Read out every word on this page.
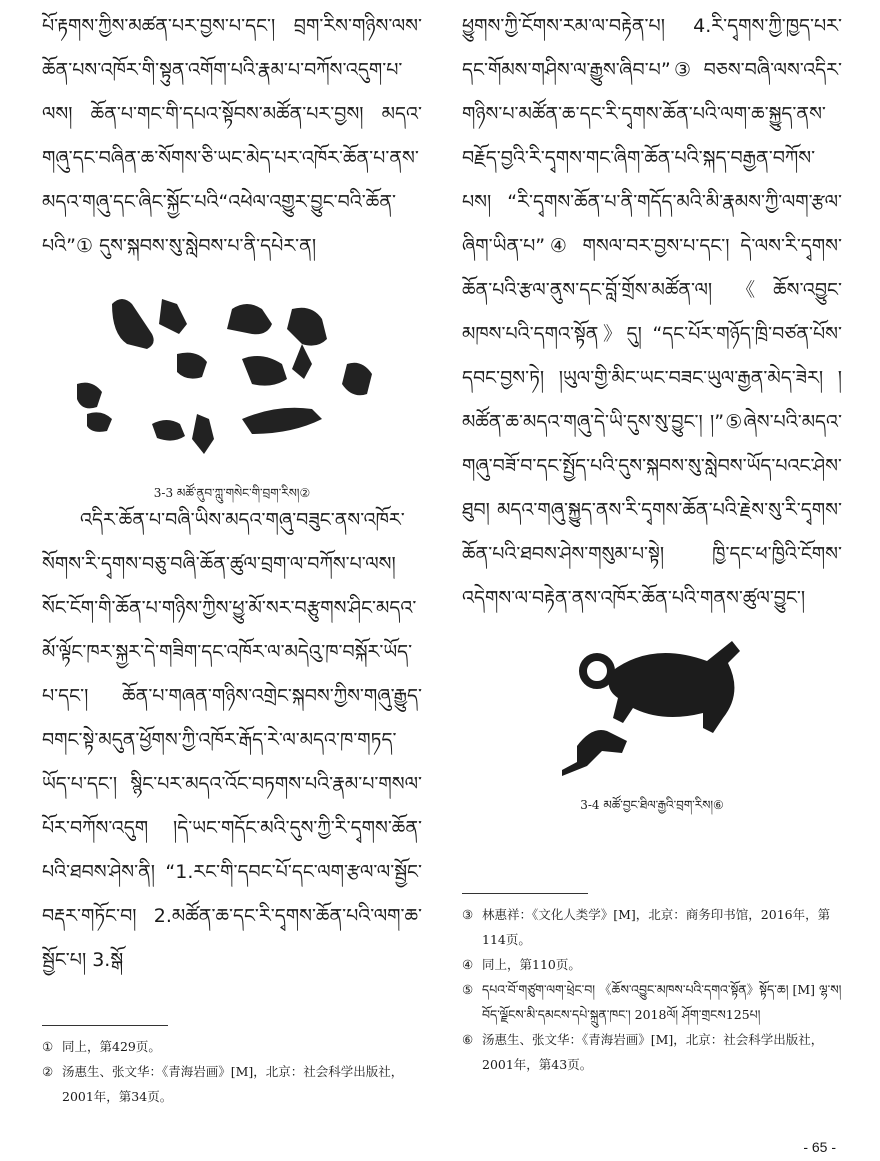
པོ་རྟགས་ཀྱིས་མཚན་པར་བྱས་པ་དང་། བྲག་རིས་གཉིས་ལས་ཆོན་པས་འཁོར་གི་སྟུན་འགོག་པའི་རྣམ་པ་བཀོས་འདུག་པ་ལས། ཆོན་པ་གང་གི་དཔའ་སྟོབས་མཚོན་པར་བྱས། མདའ་གཞུ་དང་བཞིན་ཆ་སོགས་ཅི་ཡང་མེད་པར་འཁོར་ཆོན་པ་ནས་མདའ་གཞུ་དང་ཞིང་སྐྱོང་པའི“འཕེལ་འགྱུར་བྱུང་བའི་ཆོན་པའི”① དུས་སྐབས་སུ་སླེབས་པ་ནི་དཔེར་ན།

3-3 མཚོ་ནུབ་ཀླུ་གསེང་གི་བྲག་རིས།②

འདིར་ཆོན་པ་བཞི་ཡིས་མདའ་གཞུ་བཟུང་ནས་འཁོར་སོགས་རི་དྭགས་བཅུ་བཞི་ཆོན་ཚུལ་བྲག་ལ་བཀོས་པ་ལས། སོང་ངོག་གི་ཆོན་པ་གཉིས་ཀྱིས་ཕྱུ་མོ་སར་བརྩུགས་ཤིང་མདའ་མོ་ལྟོང་ཁར་སྐྱར་དེ་གཟིག་དང་འཁོར་ལ་མདེའུ་ཁ་བསྐོར་ཡོད་པ་དང་། ཆོན་པ་གཞན་གཉིས་འགྲེང་སྐབས་ཀྱིས་གཞུ་རྒྱུད་བགང་སྟེ་མདུན་ཕྱོགས་ཀྱི་འཁོར་རྒོད་རེ་ལ་མདའ་ཁ་གཏད་ཡོད་པ་དང་། སྙིང་པར་མདའ་འོང་བཏགས་པའི་རྣམ་པ་གསལ་པོར་བཀོས་འདུག །དེ་ཡང་གདོང་མའི་དུས་ཀྱི་རི་དྭགས་ཆོན་པའི་ཐབས་ཤེས་ནི། “1.རང་གི་དབང་པོ་དང་ལག་རྩལ་ལ་སྦྱོང་བརྡར་གཏོང་བ། 2.མཚོན་ཆ་དང་རི་དྭགས་ཆོན་པའི་ལག་ཆ་སྦྱོང་པ། 3.སྒོ

ཕྱུགས་ཀྱི་ངོགས་རམ་ལ་བརྟེན་པ། 4.རི་དྭགས་ཀྱི་ཁྱད་པར་དང་གོམས་གཤིས་ལ་རྒྱུས་ཞིབ་པ”③ བཅས་བཞི་ལས་འདིར་གཉིས་པ་མཚོན་ཆ་དང་རི་དྭགས་ཆོན་པའི་ལག་ཆ་སྐྱུད་ནས་བརྗོད་བྱའི་རི་དྭགས་གང་ཞིག་ཆོན་པའི་སྐད་བརྒྱན་བཀོས་པས། “རི་དྭགས་ཆོན་པ་ནི་གདོད་མའི་མི་རྣམས་ཀྱི་ལག་རྩལ་ཞིག་ཡིན་པ”④ གསལ་བར་བྱས་པ་དང་། དེ་ལས་རི་དྭགས་ཆོན་པའི་རྩལ་ནུས་དང་བློ་གྲོས་མཚོན་ལ། 《ཆོས་འབྱུང་མཁས་པའི་དགའ་སྟོན》དུ། “དང་པོར་གཉོད་ཁྲི་བཙན་པོས་དབང་བྱས་ཏེ། །ཡུལ་གྱི་མིང་ཡང་བཟང་ཡུལ་རྒྱན་མེད་ཟེར། །མཚོན་ཆ་མདའ་གཞུ་དེ་ཡི་དུས་སུ་བྱུང་། །”⑤ཞེས་པའི་མདའ་གཞུ་བཟོ་བ་དང་སྤྱོད་པའི་དུས་སྐབས་སུ་སླེབས་ཡོད་པའང་ཤེས་ཐུབ། མདའ་གཞུ་སྐྱུད་ནས་རི་དྭགས་ཆོན་པའི་རྗེས་སུ་རི་དྭགས་ཆོན་པའི་ཐབས་ཤེས་གསུམ་པ་སྟེ། ཁྱི་དང་ཕ་ཁྱིའི་ངོགས་འདེགས་ལ་བརྟེན་ནས་འཁོར་ཆོན་པའི་གནས་ཚུལ་བྱུང་།

3-4 མཚོ་བྱང་ཐིལ་རྒྱའི་བྲག་རིས།⑥
① 同上，第429页。
② 汤惠生、张文华：《青海岩画》[M]，北京：社会科学出版社，2001年，第34页。
③ 林惠祥：《文化人类学》[M]，北京：商务印书馆，2016年，第114页。
④ 同上，第110页。
⑤ དཔའ་བོ་གཙུག་ལག་ཕྲེང་བ། 《ཆོས་འབྱུང་མཁས་པའི་དགའ་སྟོན》སྟོད་ཆ། [M] ལྷ་ས། བོད་ལྗོངས་མི་དམངས་དཔེ་སྐྲུན་ཁང་། 2018ལོ། ཤོག་གྲངས125པ།
⑥ 汤惠生、张文华：《青海岩画》[M]，北京：社会科学出版社，2001年，第43页。
- 65 -
